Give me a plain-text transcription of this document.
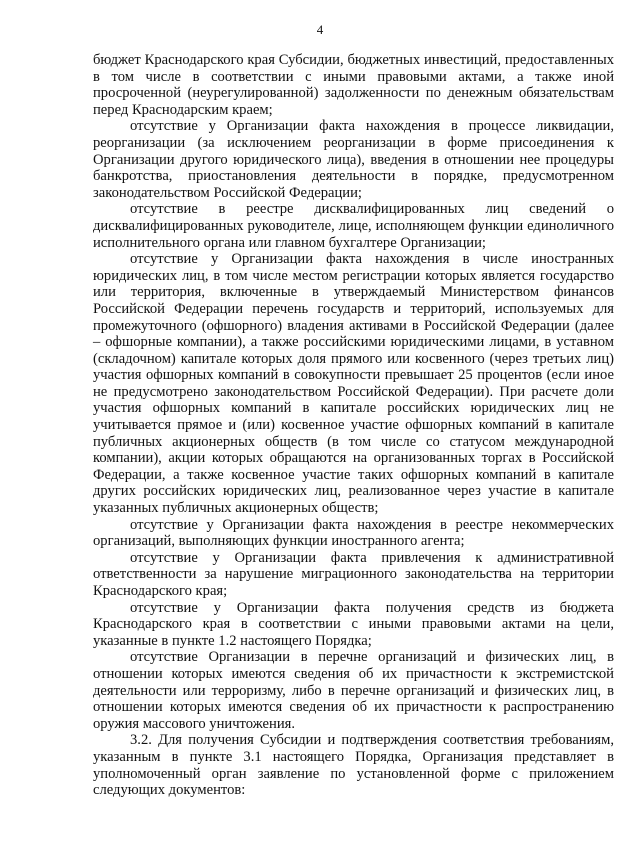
4

бюджет Краснодарского края Субсидии, бюджетных инвестиций, предоставленных в том числе в соответствии с иными правовыми актами, а также иной просроченной (неурегулированной) задолженности по денежным обязательствам перед Краснодарским краем;

отсутствие у Организации факта нахождения в процессе ликвидации, реорганизации (за исключением реорганизации в форме присоединения к Организации другого юридического лица), введения в отношении нее процедуры банкротства, приостановления деятельности в порядке, предусмотренном законодательством Российской Федерации;

отсутствие в реестре дисквалифицированных лиц сведений о дисквалифицированных руководителе, лице, исполняющем функции единоличного исполнительного органа или главном бухгалтере Организации;

отсутствие у Организации факта нахождения в числе иностранных юридических лиц, в том числе местом регистрации которых является государство или территория, включенные в утверждаемый Министерством финансов Российской Федерации перечень государств и территорий, используемых для промежуточного (офшорного) владения активами в Российской Федерации (далее – офшорные компании), а также российскими юридическими лицами, в уставном (складочном) капитале которых доля прямого или косвенного (через третьих лиц) участия офшорных компаний в совокупности превышает 25 процентов (если иное не предусмотрено законодательством Российской Федерации). При расчете доли участия офшорных компаний в капитале российских юридических лиц не учитывается прямое и (или) косвенное участие офшорных компаний в капитале публичных акционерных обществ (в том числе со статусом международной компании), акции которых обращаются на организованных торгах в Российской Федерации, а также косвенное участие таких офшорных компаний в капитале других российских юридических лиц, реализованное через участие в капитале указанных публичных акционерных обществ;

отсутствие у Организации факта нахождения в реестре некоммерческих организаций, выполняющих функции иностранного агента;

отсутствие у Организации факта привлечения к административной ответственности за нарушение миграционного законодательства на территории Краснодарского края;

отсутствие у Организации факта получения средств из бюджета Краснодарского края в соответствии с иными правовыми актами на цели, указанные в пункте 1.2 настоящего Порядка;

отсутствие Организации в перечне организаций и физических лиц, в отношении которых имеются сведения об их причастности к экстремистской деятельности или терроризму, либо в перечне организаций и физических лиц, в отношении которых имеются сведения об их причастности к распространению оружия массового уничтожения.

3.2. Для получения Субсидии и подтверждения соответствия требованиям, указанным в пункте 3.1 настоящего Порядка, Организация представляет в уполномоченный орган заявление по установленной форме с приложением следующих документов:
